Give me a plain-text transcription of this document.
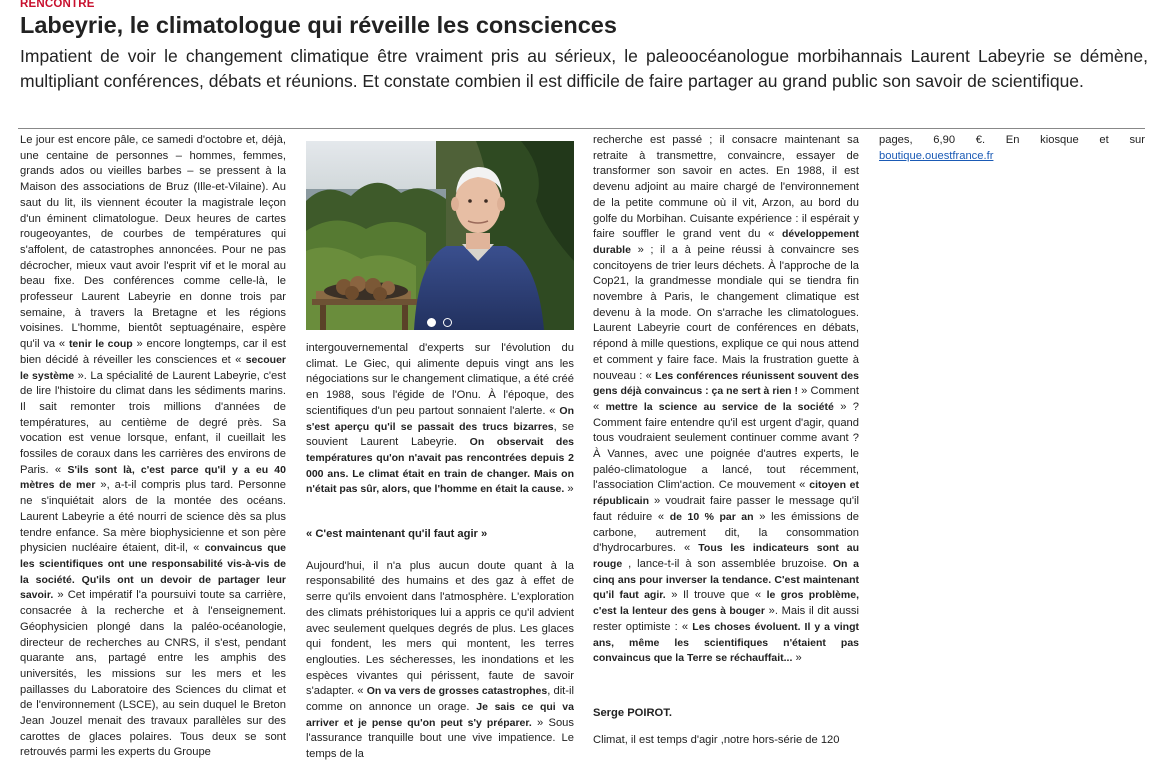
RENCONTRE
Labeyrie, le climatologue qui réveille les consciences

Impatient de voir le changement climatique être vraiment pris au sérieux, le paleoocéanologue morbihannais Laurent Labeyrie se démène, multipliant conférences, débats et réunions. Et constate combien il est difficile de faire partager au grand public son savoir de scientifique.

Le jour est encore pâle, ce samedi d'octobre et, déjà, une centaine de personnes – hommes, femmes, grands ados ou vieilles barbes – se pressent à la Maison des associations de Bruz (Ille-et-Vilaine). Au saut du lit, ils viennent écouter la magistrale leçon d'un éminent climatologue. Deux heures de cartes rougeoyantes, de courbes de températures qui s'affolent, de catastrophes annoncées. Pour ne pas décrocher, mieux vaut avoir l'esprit vif et le moral au beau fixe. Des conférences comme celle-là, le professeur Laurent Labeyrie en donne trois par semaine, à travers la Bretagne et les régions voisines. L'homme, bientôt septuagénaire, espère qu'il va « tenir le coup » encore longtemps, car il est bien décidé à réveiller les consciences et « secouer le système ». La spécialité de Laurent Labeyrie, c'est de lire l'histoire du climat dans les sédiments marins. Il sait remonter trois millions d'années de températures, au centième de degré près. Sa vocation est venue lorsque, enfant, il cueillait les fossiles de coraux dans les carrières des environs de Paris. « S'ils sont là, c'est parce qu'il y a eu 40 mètres de mer », a-t-il compris plus tard. Personne ne s'inquiétait alors de la montée des océans. Laurent Labeyrie a été nourri de science dès sa plus tendre enfance. Sa mère biophysicienne et son père physicien nucléaire étaient, dit-il, « convaincus que les scientifiques ont une responsabilité vis-à-vis de la société. Qu'ils ont un devoir de partager leur savoir. » Cet impératif l'a poursuivi toute sa carrière, consacrée à la recherche et à l'enseignement. Géophysicien plongé dans la paléo-océanologie, directeur de recherches au CNRS, il s'est, pendant quarante ans, partagé entre les amphis des universités, les missions sur les mers et les paillasses du Laboratoire des Sciences du climat et de l'environnement (LSCE), au sein duquel le Breton Jean Jouzel menait des travaux parallèles sur des carottes de glaces polaires. Tous deux se sont retrouvés parmi les experts du Groupe

intergouvernemental d'experts sur l'évolution du climat. Le Giec, qui alimente depuis vingt ans les négociations sur le changement climatique, a été créé en 1988, sous l'égide de l'Onu. À l'époque, des scientifiques d'un peu partout sonnaient l'alerte. « On s'est aperçu qu'il se passait des trucs bizarres, se souvient Laurent Labeyrie. On observait des températures qu'on n'avait pas rencontrées depuis 2 000 ans. Le climat était en train de changer. Mais on n'était pas sûr, alors, que l'homme en était la cause. »

« C'est maintenant qu'il faut agir »

Aujourd'hui, il n'a plus aucun doute quant à la responsabilité des humains et des gaz à effet de serre qu'ils envoient dans l'atmosphère. L'exploration des climats préhistoriques lui a appris ce qu'il advient avec seulement quelques degrés de plus. Les glaces qui fondent, les mers qui montent, les terres englouties. Les sécheresses, les inondations et les espèces vivantes qui périssent, faute de savoir s'adapter. « On va vers de grosses catastrophes, dit-il comme on annonce un orage. Je sais ce qui va arriver et je pense qu'on peut s'y préparer. » Sous l'assurance tranquille bout une vive impatience. Le temps de la

recherche est passé ; il consacre maintenant sa retraite à transmettre, convaincre, essayer de transformer son savoir en actes. En 1988, il est devenu adjoint au maire chargé de l'environnement de la petite commune où il vit, Arzon, au bord du golfe du Morbihan. Cuisante expérience : il espérait y faire souffler le grand vent du « développement durable » ; il a à peine réussi à convaincre ses concitoyens de trier leurs déchets. À l'approche de la Cop21, la grandmesse mondiale qui se tiendra fin novembre à Paris, le changement climatique est devenu à la mode. On s'arrache les climatologues. Laurent Labeyrie court de conférences en débats, répond à mille questions, explique ce qui nous attend et comment y faire face. Mais la frustration guette à nouveau : « Les conférences réunissent souvent des gens déjà convaincus : ça ne sert à rien ! » Comment « mettre la science au service de la société » ? Comment faire entendre qu'il est urgent d'agir, quand tous voudraient seulement continuer comme avant ? À Vannes, avec une poignée d'autres experts, le paléo-climatologue a lancé, tout récemment, l'association Clim'action. Ce mouvement « citoyen et républicain » voudrait faire passer le message qu'il faut réduire « de 10 % par an » les émissions de carbone, autrement dit, la consommation d'hydrocarbures. « Tous les indicateurs sont au rouge , lance-t-il à son assemblée bruzoise. On a cinq ans pour inverser la tendance. C'est maintenant qu'il faut agir. » Il trouve que « le gros problème, c'est la lenteur des gens à bouger ». Mais il dit aussi rester optimiste : « Les choses évoluent. Il y a vingt ans, même les scientifiques n'étaient pas convaincus que la Terre se réchauffait... »

Serge POIROT.

Climat, il est temps d'agir ,notre hors-série de 120

pages, 6,90 €. En kiosque et sur boutique.ouestfrance.fr
